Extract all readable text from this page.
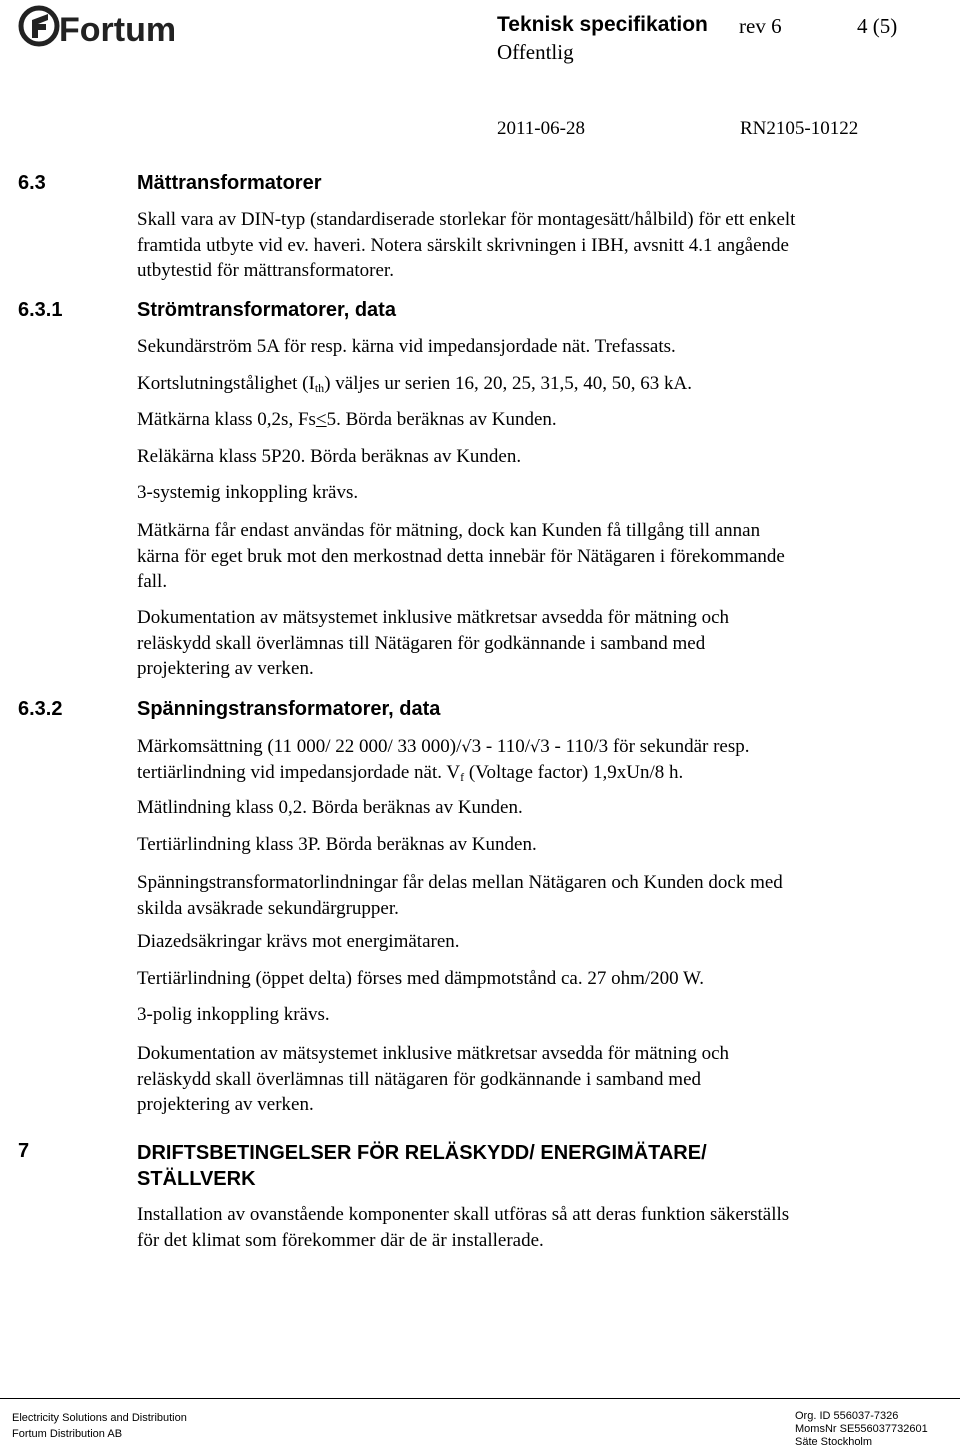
Fortum	Teknisk specifikation rev 6	4 (5)
Offentlig
2011-06-28	RN2105-10122
6.3	Mättransformatorer
Skall vara av DIN-typ (standardiserade storlekar för montagesätt/hålbild) för ett enkelt
framtida utbyte vid ev. haveri. Notera särskilt skrivningen i IBH, avsnitt 4.1 angående
utbytestid för mättransformatorer.
6.3.1	Strömtransformatorer, data
Sekundärström 5A för resp. kärna vid impedansjordade nät. Trefassats.
Kortslutningstålighet $(I_{th})$ väljes ur serien 16, 20, 25, 31,5, 40, 50, 63 kA.
Mätkärna klass 0,2s, Fs<5. Börda beräknas av Kunden.
Reläkärna klass 5P20. Börda beräknas av Kunden.
3-systemig inkoppling krävs.
Mätkärna får endast användas för mätning, dock kan Kunden få tillgång till annan
kärna för eget bruk mot den merkostnad detta innebär för Nätägaren i förekommande
fall.
Dokumentation av mätsystemet inklusive mätkretsar avsedda för mätning och
reläskydd skall överlämnas till Nätägaren för godkännande i samband med
projektering av verken.
6.3.2	Spänningstransformatorer, data
Märkomsättning (11 000/ 22 000/ 33 000)/√3 - 110/√3 - 110/3 för sekundär resp.
tertiärlindning vid impedansjordade nät. $V_f$ (Voltage factor) 1,9xUn/8 h.
Mätlindning klass 0,2. Börda beräknas av Kunden.
Tertiärlindning klass 3P. Börda beräknas av Kunden.
Spänningstransformatorlindningar får delas mellan Nätägaren och Kunden dock med
skilda avsäkrade sekundärgrupper.
Diazedsäkringar krävs mot energimätaren.
Tertiärlindning (öppet delta) förses med dämpmotstånd ca. 27 ohm/200 W.
3-polig inkoppling krävs.
Dokumentation av mätsystemet inklusive mätkretsar avsedda för mätning och
reläskydd skall överlämnas till nätägaren för godkännande i samband med
projektering av verken.
7	DRIFTSBETINGELSER FÖR RELÄSKYDD/ ENERGIMÄTARE/
STÄLLVERK
Installation av ovanstående komponenter skall utföras så att deras funktion säkerställs
för det klimat som förekommer där de är installerade.
Electricity Solutions and Distribution
Fortum Distribution AB
Org. ID 556037-7326
MomsNr SE556037732601
Säte Stockholm
